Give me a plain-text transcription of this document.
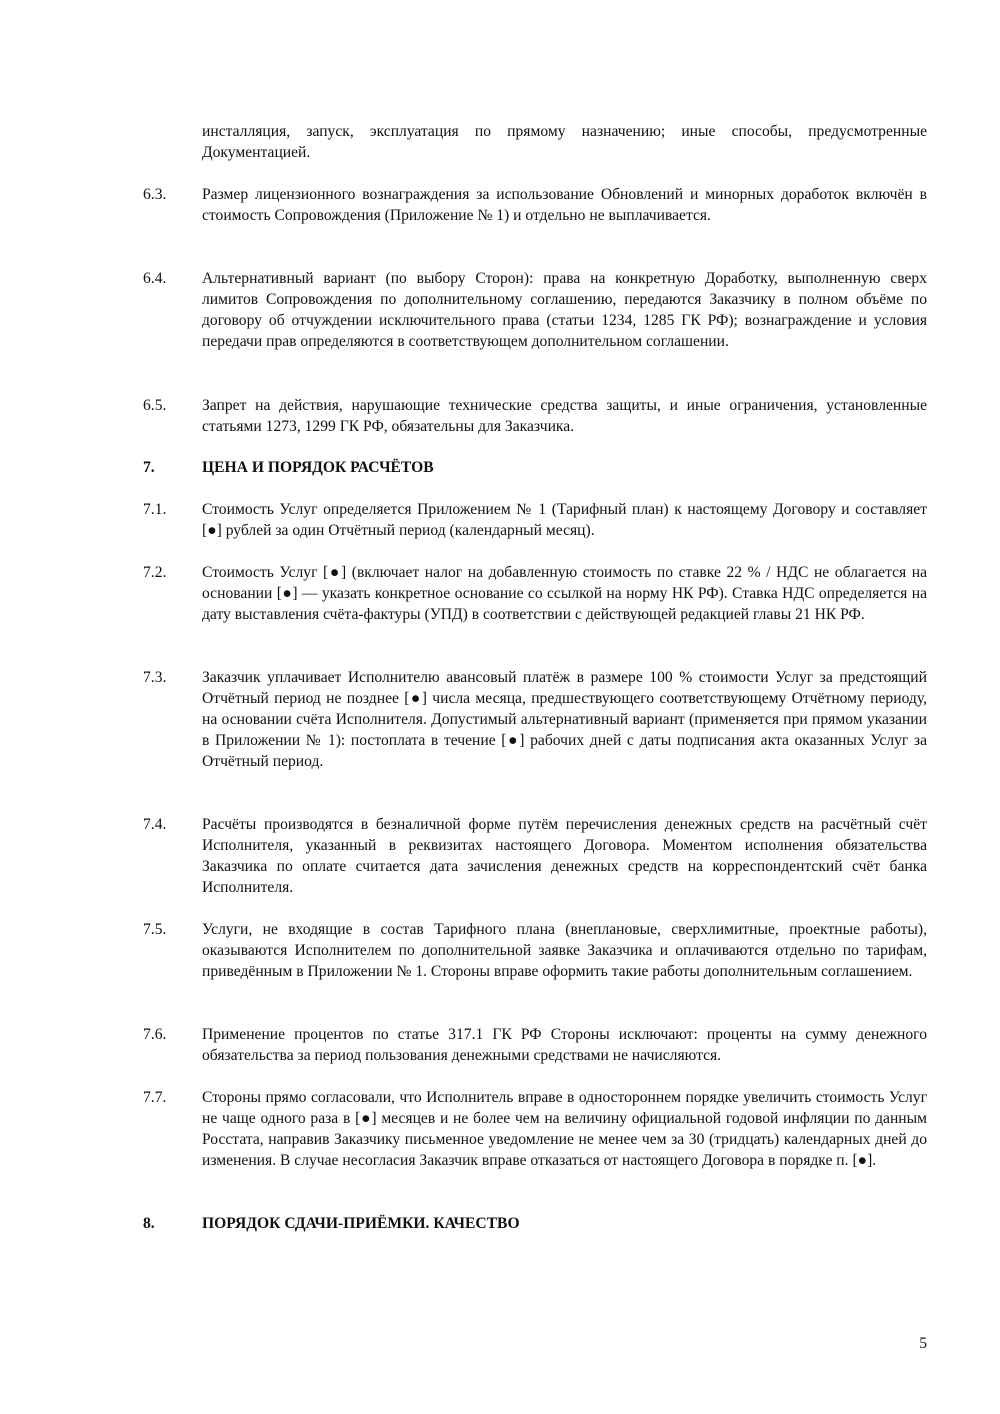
инсталляция, запуск, эксплуатация по прямому назначению; иные способы, предусмотренные Документацией.
6.3.	Размер лицензионного вознаграждения за использование Обновлений и минорных доработок включён в стоимость Сопровождения (Приложение № 1) и отдельно не выплачивается.
6.4.	Альтернативный вариант (по выбору Сторон): права на конкретную Доработку, выполненную сверх лимитов Сопровождения по дополнительному соглашению, передаются Заказчику в полном объёме по договору об отчуждении исключительного права (статьи 1234, 1285 ГК РФ); вознаграждение и условия передачи прав определяются в соответствующем дополнительном соглашении.
6.5.	Запрет на действия, нарушающие технические средства защиты, и иные ограничения, установленные статьями 1273, 1299 ГК РФ, обязательны для Заказчика.
7.	ЦЕНА И ПОРЯДОК РАСЧЁТОВ
7.1.	Стоимость Услуг определяется Приложением № 1 (Тарифный план) к настоящему Договору и составляет [●] рублей за один Отчётный период (календарный месяц).
7.2.	Стоимость Услуг [●] (включает налог на добавленную стоимость по ставке 22 % / НДС не облагается на основании [●] — указать конкретное основание со ссылкой на норму НК РФ). Ставка НДС определяется на дату выставления счёта-фактуры (УПД) в соответствии с действующей редакцией главы 21 НК РФ.
7.3.	Заказчик уплачивает Исполнителю авансовый платёж в размере 100 % стоимости Услуг за предстоящий Отчётный период не позднее [●] числа месяца, предшествующего соответствующему Отчётному периоду, на основании счёта Исполнителя. Допустимый альтернативный вариант (применяется при прямом указании в Приложении № 1): постоплата в течение [●] рабочих дней с даты подписания акта оказанных Услуг за Отчётный период.
7.4.	Расчёты производятся в безналичной форме путём перечисления денежных средств на расчётный счёт Исполнителя, указанный в реквизитах настоящего Договора. Моментом исполнения обязательства Заказчика по оплате считается дата зачисления денежных средств на корреспондентский счёт банка Исполнителя.
7.5.	Услуги, не входящие в состав Тарифного плана (внеплановые, сверхлимитные, проектные работы), оказываются Исполнителем по дополнительной заявке Заказчика и оплачиваются отдельно по тарифам, приведённым в Приложении № 1. Стороны вправе оформить такие работы дополнительным соглашением.
7.6.	Применение процентов по статье 317.1 ГК РФ Стороны исключают: проценты на сумму денежного обязательства за период пользования денежными средствами не начисляются.
7.7.	Стороны прямо согласовали, что Исполнитель вправе в одностороннем порядке увеличить стоимость Услуг не чаще одного раза в [●] месяцев и не более чем на величину официальной годовой инфляции по данным Росстата, направив Заказчику письменное уведомление не менее чем за 30 (тридцать) календарных дней до изменения. В случае несогласия Заказчик вправе отказаться от настоящего Договора в порядке п. [●].
8.	ПОРЯДОК СДАЧИ-ПРИЁМКИ. КАЧЕСТВО
5
